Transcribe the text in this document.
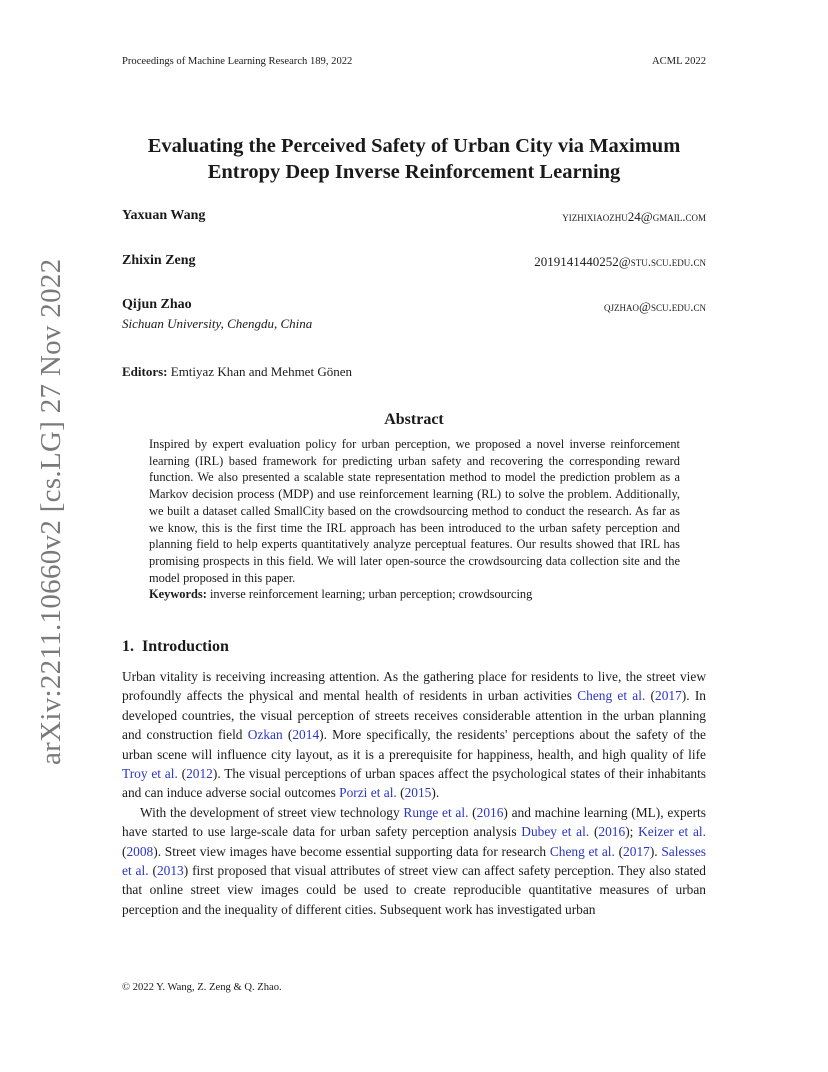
Proceedings of Machine Learning Research 189, 2022	ACML 2022
Evaluating the Perceived Safety of Urban City via Maximum
Entropy Deep Inverse Reinforcement Learning
Yaxuan Wang	yizhixiaozhu24@gmail.com
Zhixin Zeng	2019141440252@stu.scu.edu.cn
Qijun Zhao	qjzhao@scu.edu.cn
Sichuan University, Chengdu, China
Editors: Emtiyaz Khan and Mehmet Gönen
Abstract

Inspired by expert evaluation policy for urban perception, we proposed a novel inverse reinforcement learning (IRL) based framework for predicting urban safety and recovering the corresponding reward function. We also presented a scalable state representation method to model the prediction problem as a Markov decision process (MDP) and use reinforcement learning (RL) to solve the problem. Additionally, we built a dataset called SmallCity based on the crowdsourcing method to conduct the research. As far as we know, this is the first time the IRL approach has been introduced to the urban safety perception and planning field to help experts quantitatively analyze perceptual features. Our results showed that IRL has promising prospects in this field. We will later open-source the crowdsourcing data collection site and the model proposed in this paper.

Keywords: inverse reinforcement learning; urban perception; crowdsourcing

1. Introduction

Urban vitality is receiving increasing attention. As the gathering place for residents to live, the street view profoundly affects the physical and mental health of residents in urban activities Cheng et al. (2017). In developed countries, the visual perception of streets receives considerable attention in the urban planning and construction field Ozkan (2014). More specifically, the residents' perceptions about the safety of the urban scene will influence city layout, as it is a prerequisite for happiness, health, and high quality of life Troy et al. (2012). The visual perceptions of urban spaces affect the psychological states of their inhabitants and can induce adverse social outcomes Porzi et al. (2015).

With the development of street view technology Runge et al. (2016) and machine learning (ML), experts have started to use large-scale data for urban safety perception analysis Dubey et al. (2016); Keizer et al. (2008). Street view images have become essential supporting data for research Cheng et al. (2017). Salesses et al. (2013) first proposed that visual attributes of street view can affect safety perception. They also stated that online street view images could be used to create reproducible quantitative measures of urban perception and the inequality of different cities. Subsequent work has investigated urban

arXiv:2211.10660v2 [cs.LG] 27 Nov 2022
© 2022 Y. Wang, Z. Zeng & Q. Zhao.
